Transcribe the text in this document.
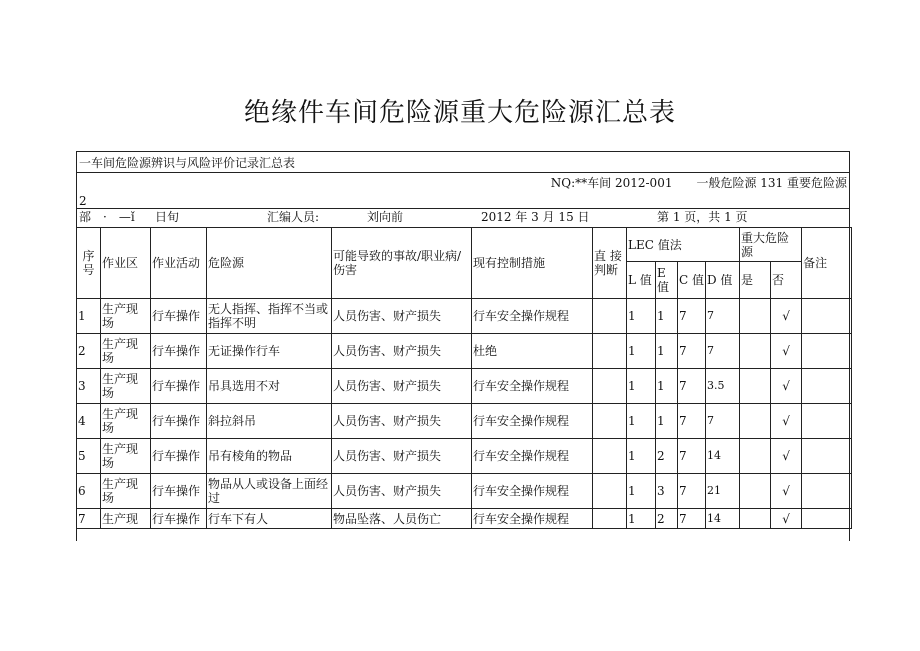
绝缘件车间危险源重大危险源汇总表
一车间危险源辨识与风险评价记录汇总表
NQ:**车间 2012-001　　一般危险源 131 重要危险源
2
部 ·　—ǐ 日旬	汇编人员:	刘向前	2012 年 3 月 15 日	第 1 页，共 1 页
序号	作业区	作业活动	危险源	可能导致的事故/职业病/伤害	现有控制措施	直 接判断	LEC 值法				重大危险源		备注
							L 值	E 值	C 值	D 值	是	否	
1	生产现场	行车操作	无人指挥、指挥不当或指挥不明	人员伤害、财产损失	行车安全操作规程		1	1	7	7		√	
2	生产现场	行车操作	无证操作行车	人员伤害、财产损失	杜绝		1	1	7	7		√	
3	生产现场	行车操作	吊具选用不对	人员伤害、财产损失	行车安全操作规程		1	1	7	3.5		√	
4	生产现场	行车操作	斜拉斜吊	人员伤害、财产损失	行车安全操作规程		1	1	7	7		√	
5	生产现场	行车操作	吊有棱角的物品	人员伤害、财产损失	行车安全操作规程		1	2	7	14		√	
6	生产现场	行车操作	物品从人或设备上面经过	人员伤害、财产损失	行车安全操作规程		1	3	7	21		√	
7	生产现	行车操作	行车下有人	物品坠落、人员伤亡	行车安全操作规程		1	2	7	14		√	
